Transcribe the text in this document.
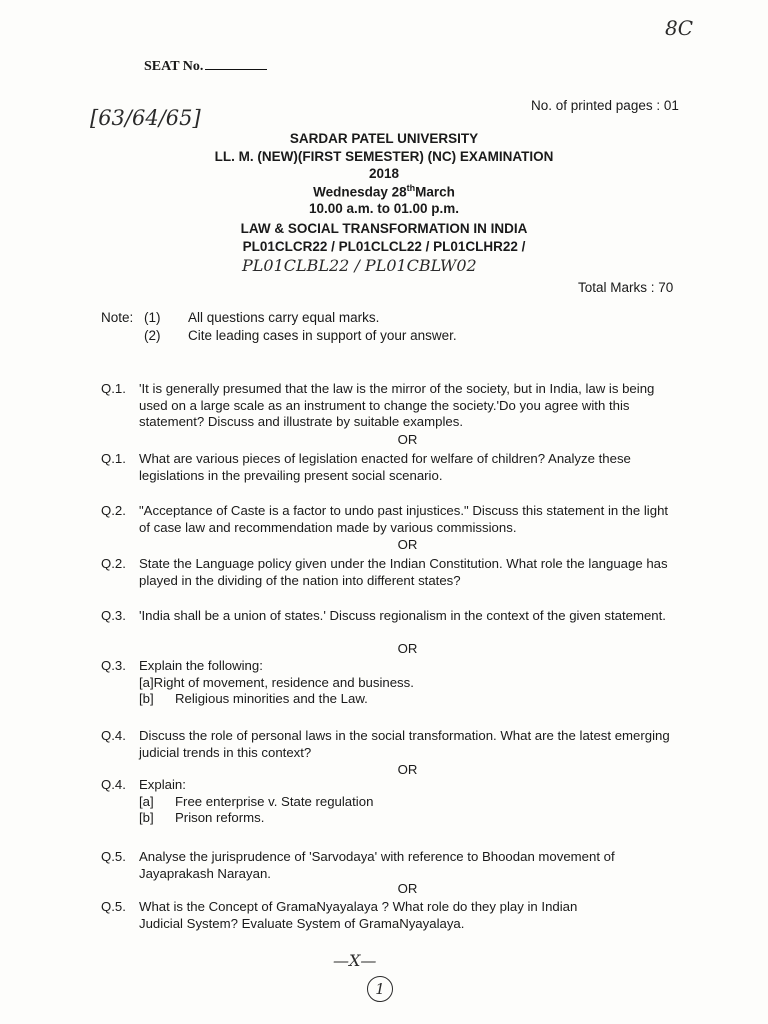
8C
[63/64/65]
SEAT No.
No. of printed pages : 01
SARDAR PATEL UNIVERSITY
LL. M. (NEW)(FIRST SEMESTER) (NC) EXAMINATION
2018
Wednesday 28thMarch
10.00 a.m. to 01.00 p.m.
LAW & SOCIAL TRANSFORMATION IN INDIA
PL01CLCR22 / PL01CLCL22 / PL01CLHR22 /
PL01CLBL22 / PL01CBLW02
Total Marks : 70
Note: (1) All questions carry equal marks.
(2) Cite leading cases in support of your answer.
Q.1. 'It is generally presumed that the law is the mirror of the society, but in India, law is being used on a large scale as an instrument to change the society.'Do you agree with this statement? Discuss and illustrate by suitable examples.
OR
Q.1. What are various pieces of legislation enacted for welfare of children? Analyze these legislations in the prevailing present social scenario.
Q.2. "Acceptance of Caste is a factor to undo past injustices." Discuss this statement in the light of case law and recommendation made by various commissions.
OR
Q.2. State the Language policy given under the Indian Constitution. What role the language has played in the dividing of the nation into different states?
Q.3. 'India shall be a union of states.' Discuss regionalism in the context of the given statement.
OR
Q.3. Explain the following:
[a]Right of movement, residence and business.
[b]	Religious minorities and the Law.
Q.4. Discuss the role of personal laws in the social transformation. What are the latest emerging judicial trends in this context?
OR
Q.4. Explain:
[a]	Free enterprise v. State regulation
[b]	Prison reforms.
Q.5. Analyse the jurisprudence of 'Sarvodaya' with reference to Bhoodan movement of Jayaprakash Narayan.
OR
Q.5. What is the Concept of GramaNyayalaya ? What role do they play in Indian Judicial System? Evaluate System of GramaNyayalaya.
—X—
1
